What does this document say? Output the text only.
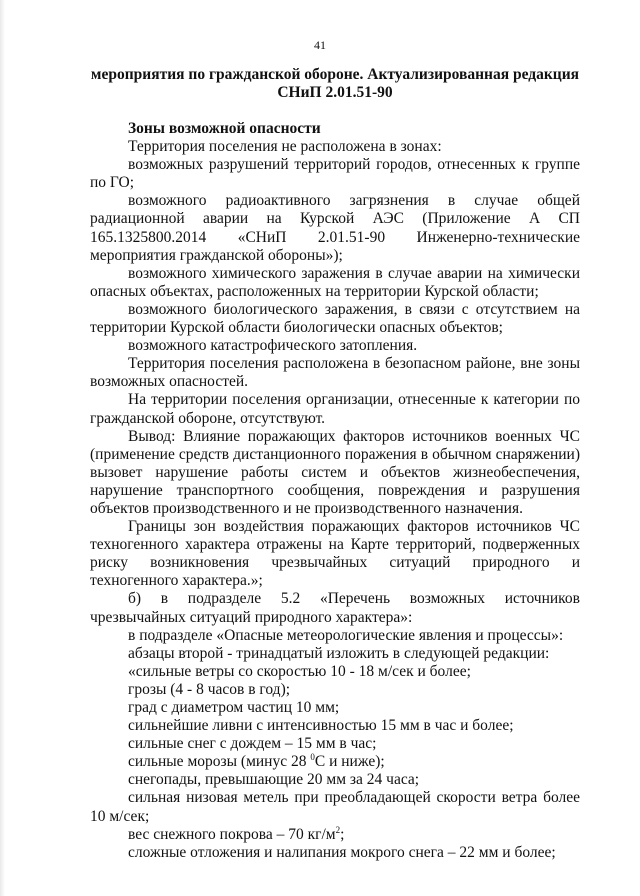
41
мероприятия по гражданской обороне. Актуализированная редакция СНиП 2.01.51-90

Зоны возможной опасности

Территория поселения не расположена в зонах:

возможных разрушений территорий городов, отнесенных к группе по ГО;

возможного радиоактивного загрязнения в случае общей радиационной аварии на Курской АЭС (Приложение А СП 165.1325800.2014 «СНиП 2.01.51-90 Инженерно-технические мероприятия гражданской обороны»);

возможного химического заражения в случае аварии на химически опасных объектах, расположенных на территории Курской области;

возможного биологического заражения, в связи с отсутствием на территории Курской области биологически опасных объектов;

возможного катастрофического затопления.

Территория поселения расположена в безопасном районе, вне зоны возможных опасностей.

На территории поселения организации, отнесенные к категории по гражданской обороне, отсутствуют.

Вывод: Влияние поражающих факторов источников военных ЧС (применение средств дистанционного поражения в обычном снаряжении) вызовет нарушение работы систем и объектов жизнеобеспечения, нарушение транспортного сообщения, повреждения и разрушения объектов производственного и не производственного назначения.

Границы зон воздействия поражающих факторов источников ЧС техногенного характера отражены на Карте территорий, подверженных риску возникновения чрезвычайных ситуаций природного и техногенного характера.»;

б) в подразделе 5.2 «Перечень возможных источников чрезвычайных ситуаций природного характера»:

в подразделе «Опасные метеорологические явления и процессы»:

абзацы второй - тринадцатый изложить в следующей редакции:

«сильные ветры со скоростью 10 - 18 м/сек и более;

грозы (4 - 8 часов в год);

град с диаметром частиц 10 мм;

сильнейшие ливни с интенсивностью 15 мм в час и более;

сильные снег с дождем – 15 мм в час;

сильные морозы (минус 28 $^0$С и ниже);

снегопады, превышающие 20 мм за 24 часа;

сильная низовая метель при преобладающей скорости ветра более 10 м/сек;

вес снежного покрова – 70 $кг/м^2$;

сложные отложения и налипания мокрого снега – 22 мм и более;
